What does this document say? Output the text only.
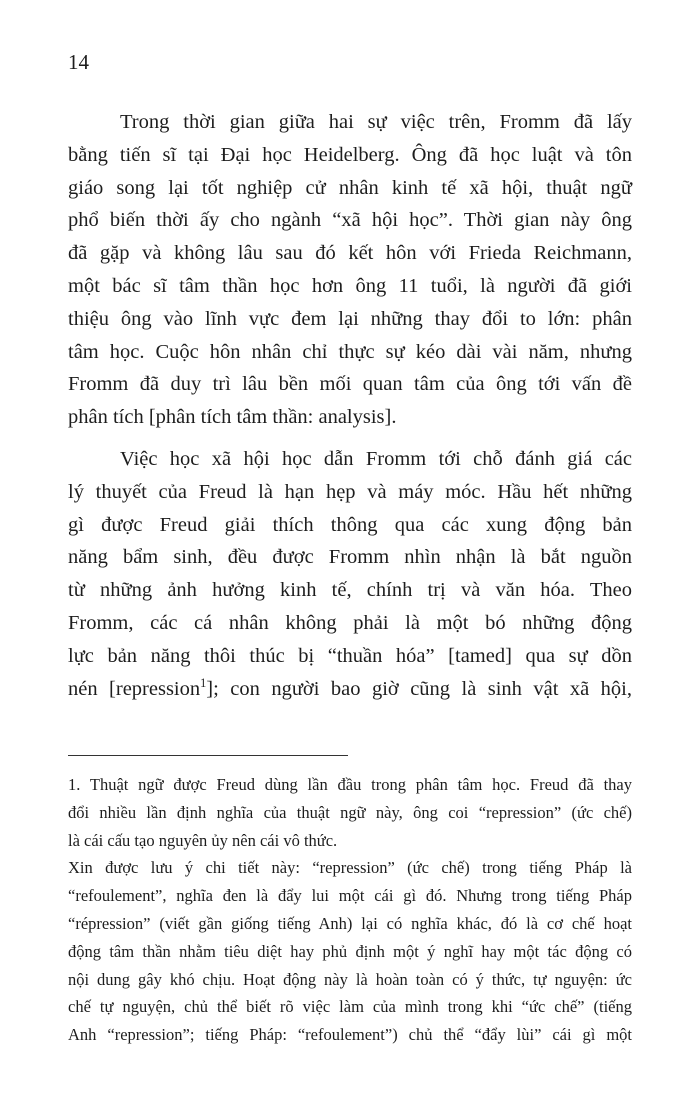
14
Trong thời gian giữa hai sự việc trên, Fromm đã lấy
bằng tiến sĩ tại Đại học Heidelberg. Ông đã học luật và tôn
giáo song lại tốt nghiệp cử nhân kinh tế xã hội, thuật ngữ
phổ biến thời ấy cho ngành “xã hội học”. Thời gian này ông
đã gặp và không lâu sau đó kết hôn với Frieda Reichmann,
một bác sĩ tâm thần học hơn ông 11 tuổi, là người đã giới
thiệu ông vào lĩnh vực đem lại những thay đổi to lớn: phân
tâm học. Cuộc hôn nhân chỉ thực sự kéo dài vài năm, nhưng
Fromm đã duy trì lâu bền mối quan tâm của ông tới vấn đề
phân tích [phân tích tâm thần: analysis].
Việc học xã hội học dẫn Fromm tới chỗ đánh giá các
lý thuyết của Freud là hạn hẹp và máy móc. Hầu hết những
gì được Freud giải thích thông qua các xung động bản
năng bẩm sinh, đều được Fromm nhìn nhận là bắt nguồn
từ những ảnh hưởng kinh tế, chính trị và văn hóa. Theo
Fromm, các cá nhân không phải là một bó những động
lực bản năng thôi thúc bị “thuần hóa” [tamed] qua sự dồn
nén [repression$^1$]; con người bao giờ cũng là sinh vật xã hội,
1. Thuật ngữ được Freud dùng lần đầu trong phân tâm học. Freud đã thay
đổi nhiều lần định nghĩa của thuật ngữ này, ông coi “repression” (ức chế)
là cái cấu tạo nguyên ủy nên cái vô thức.
Xin được lưu ý chi tiết này: “repression” (ức chế) trong tiếng Pháp là
“refoulement”, nghĩa đen là đẩy lui một cái gì đó. Nhưng trong tiếng Pháp
“répression” (viết gần giống tiếng Anh) lại có nghĩa khác, đó là cơ chế hoạt
động tâm thần nhằm tiêu diệt hay phủ định một ý nghĩ hay một tác động có
nội dung gây khó chịu. Hoạt động này là hoàn toàn có ý thức, tự nguyện: ức
chế tự nguyện, chủ thể biết rõ việc làm của mình trong khi “ức chế” (tiếng
Anh “repression”; tiếng Pháp: “refoulement”) chủ thể “đẩy lùi” cái gì một
